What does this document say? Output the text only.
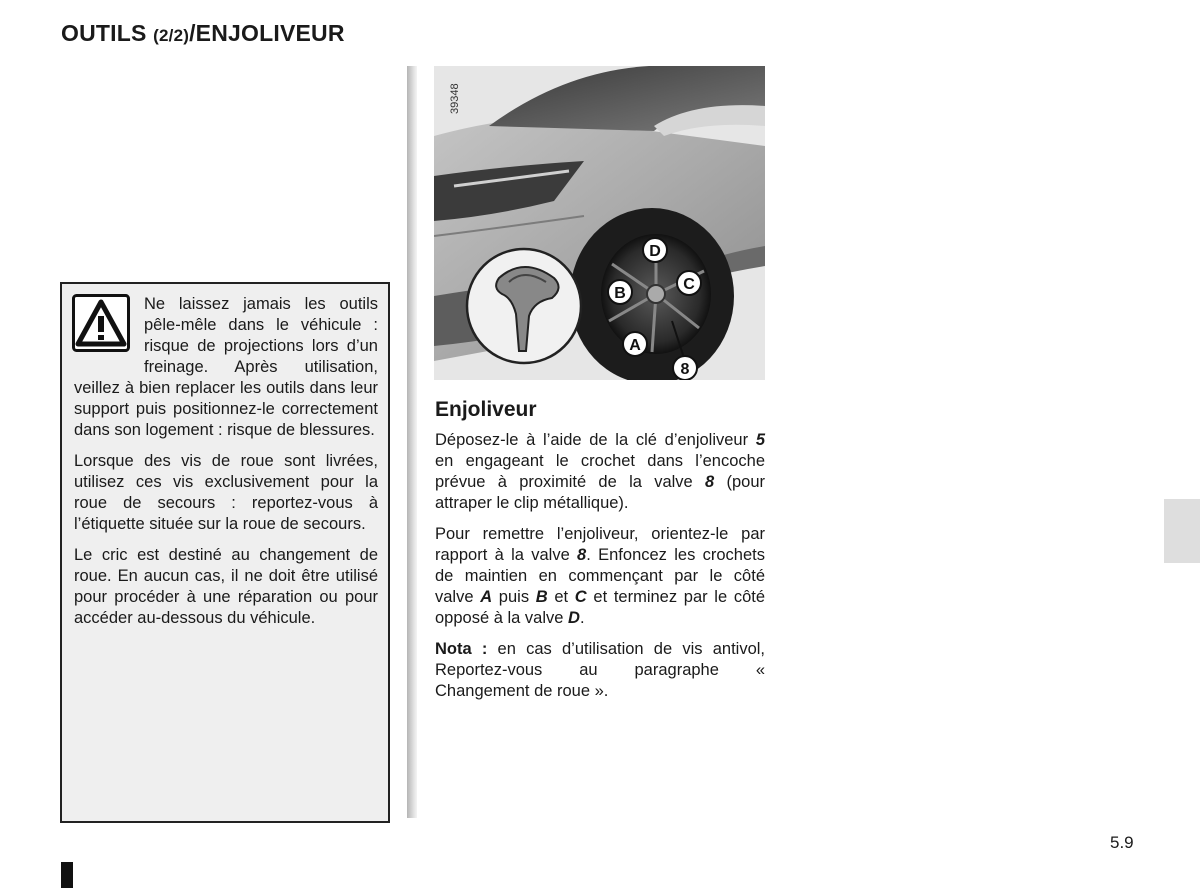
OUTILS (2/2)/ENJOLIVEUR

Ne laissez jamais les outils pêle-mêle dans le véhicule : risque de projections lors d’un freinage. Après utilisation, veillez à bien replacer les outils dans leur support puis positionnez-le correctement dans son logement : risque de blessures.

Lorsque des vis de roue sont livrées, utilisez ces vis exclusivement pour la roue de secours : reportez-vous à l’étiquette située sur la roue de secours.

Le cric est destiné au changement de roue. En aucun cas, il ne doit être utilisé pour procéder à une réparation ou pour accéder au-dessous du véhicule.

39348
D
B
C
A
8
Enjoliveur

Déposez-le à l’aide de la clé d’enjoliveur 5 en engageant le crochet dans l’encoche prévue à proximité de la valve 8 (pour attraper le clip métallique).

Pour remettre l’enjoliveur, orientez-le par rapport à la valve 8. Enfoncez les crochets de maintien en commençant par le côté valve A puis B et C et terminez par le côté opposé à la valve D.

Nota : en cas d’utilisation de vis antivol, Reportez-vous au paragraphe « Changement de roue ».

5.9
